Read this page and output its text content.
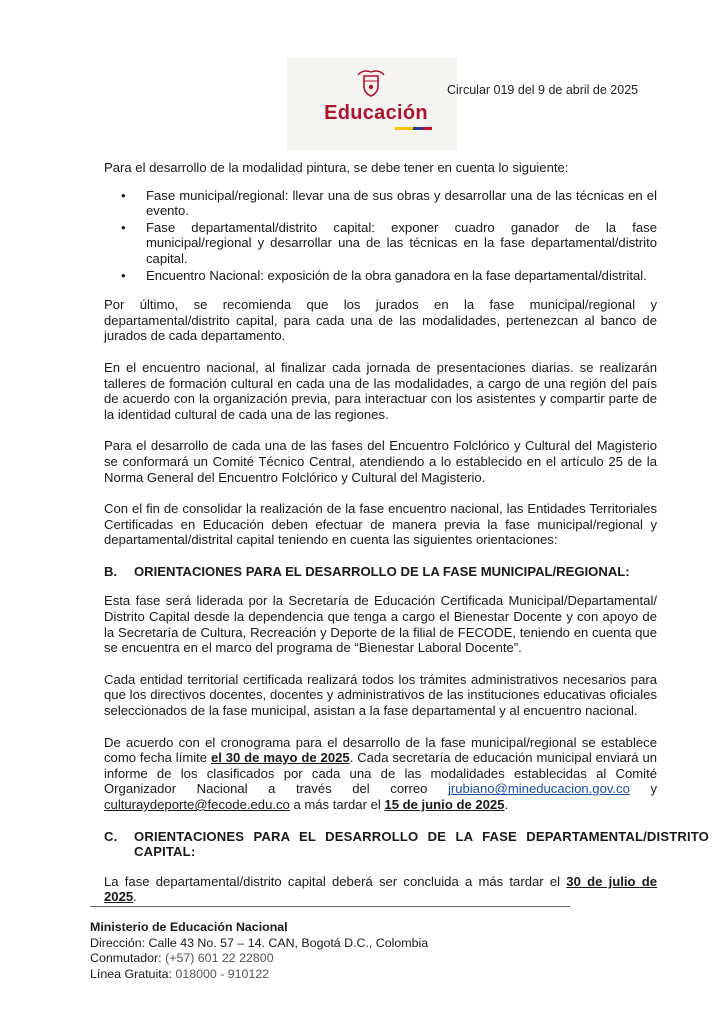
Educación
Circular 019 del 9 de abril de 2025

Para el desarrollo de la modalidad pintura, se debe tener en cuenta lo siguiente:

• Fase municipal/regional: llevar una de sus obras y desarrollar una de las técnicas en el evento.
• Fase departamental/distrito capital: exponer cuadro ganador de la fase municipal/regional y desarrollar una de las técnicas en la fase departamental/distrito capital.
• Encuentro Nacional: exposición de la obra ganadora en la fase departamental/distrital.

Por último, se recomienda que los jurados en la fase municipal/regional y departamental/distrito capital, para cada una de las modalidades, pertenezcan al banco de jurados de cada departamento.

En el encuentro nacional, al finalizar cada jornada de presentaciones diarias. se realizarán talleres de formación cultural en cada una de las modalidades, a cargo de una región del país de acuerdo con la organización previa, para interactuar con los asistentes y compartir parte de la identidad cultural de cada una de las regiones.

Para el desarrollo de cada una de las fases del Encuentro Folclórico y Cultural del Magisterio se conformará un Comité Técnico Central, atendiendo a lo establecido en el artículo 25 de la Norma General del Encuentro Folclórico y Cultural del Magisterio.

Con el fin de consolidar la realización de la fase encuentro nacional, las Entidades Territoriales Certificadas en Educación deben efectuar de manera previa la fase municipal/regional y departamental/distrital capital teniendo en cuenta las siguientes orientaciones:

B. ORIENTACIONES PARA EL DESARROLLO DE LA FASE MUNICIPAL/REGIONAL:

Esta fase será liderada por la Secretaría de Educación Certificada Municipal/Departamental/ Distrito Capital desde la dependencia que tenga a cargo el Bienestar Docente y con apoyo de la Secretaría de Cultura, Recreación y Deporte de la filial de FECODE, teniendo en cuenta que se encuentra en el marco del programa de “Bienestar Laboral Docente”.

Cada entidad territorial certificada realizará todos los trámites administrativos necesarios para que los directivos docentes, docentes y administrativos de las instituciones educativas oficiales seleccionados de la fase municipal, asistan a la fase departamental y al encuentro nacional.

De acuerdo con el cronograma para el desarrollo de la fase municipal/regional se establece como fecha límite el 30 de mayo de 2025. Cada secretaría de educación municipal enviará un informe de los clasificados por cada una de las modalidades establecidas al Comité Organizador Nacional a través del correo jrubiano@mineducacion.gov.co y culturaydeporte@fecode.edu.co a más tardar el 15 de junio de 2025.

C. ORIENTACIONES PARA EL DESARROLLO DE LA FASE DEPARTAMENTAL/DISTRITO CAPITAL:

La fase departamental/distrito capital deberá ser concluida a más tardar el 30 de julio de 2025.

Ministerio de Educación Nacional
Dirección: Calle 43 No. 57 – 14. CAN, Bogotá D.C., Colombia
Conmutador: (+57) 601 22 22800
Línea Gratuita: 018000 - 910122
